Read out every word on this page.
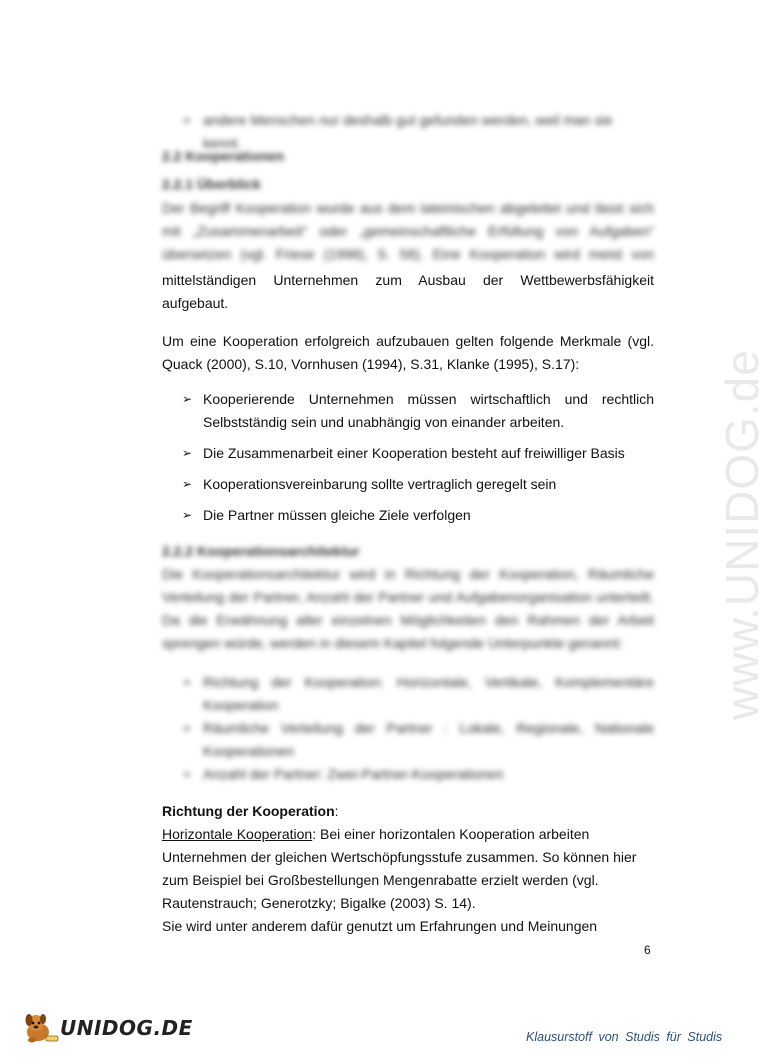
www.UNIDOG.de
➢ andere Menschen nur deshalb gut gefunden werden, weil man sie kennt.
2.2 Kooperationen
2.2.1 Überblick
Der Begriff Kooperation wurde aus dem lateinischen abgeleitet und lässt sich
mit „Zusammenarbeit“ oder „gemeinschaftliche Erfüllung von Aufgaben“
übersetzen (vgl. Friese (1998), S. 58). Eine Kooperation wird meist von
mittelständigen Unternehmen zum Ausbau der Wettbewerbsfähigkeit
aufgebaut.
Um eine Kooperation erfolgreich aufzubauen gelten folgende Merkmale (vgl. Quack (2000), S.10, Vornhusen (1994), S.31, Klanke (1995), S.17):
➢ Kooperierende Unternehmen müssen wirtschaftlich und rechtlich Selbstständig sein und unabhängig von einander arbeiten.
➢ Die Zusammenarbeit einer Kooperation besteht auf freiwilliger Basis
➢ Kooperationsvereinbarung sollte vertraglich geregelt sein
➢ Die Partner müssen gleiche Ziele verfolgen
2.2.2 Kooperationsarchitektur
Die Kooperationsarchitektur wird in Richtung der Kooperation, Räumliche Verteilung der Partner, Anzahl der Partner und Aufgabenorganisation unterteilt. Da die Erwähnung aller einzelnen Möglichkeiten den Rahmen der Arbeit sprengen würde, werden in diesem Kapitel folgende Unterpunkte genannt:
➢ Richtung der Kooperation: Horizontale, Vertikale, Komplementäre Kooperation
➢ Räumliche Verteilung der Partner : Lokale, Regionale, Nationale Kooperationen
➢ Anzahl der Partner: Zwei-Partner-Kooperationen
Richtung der Kooperation:
Horizontale Kooperation: Bei einer horizontalen Kooperation arbeiten
Unternehmen der gleichen Wertschöpfungsstufe zusammen. So können hier
zum Beispiel bei Großbestellungen Mengenrabatte erzielt werden (vgl.
Rautenstrauch; Generotzky; Bigalke (2003) S. 14).
Sie wird unter anderem dafür genutzt um Erfahrungen und Meinungen
6
UNIDOG.DE	Klausurstoff von Studis für Studis
